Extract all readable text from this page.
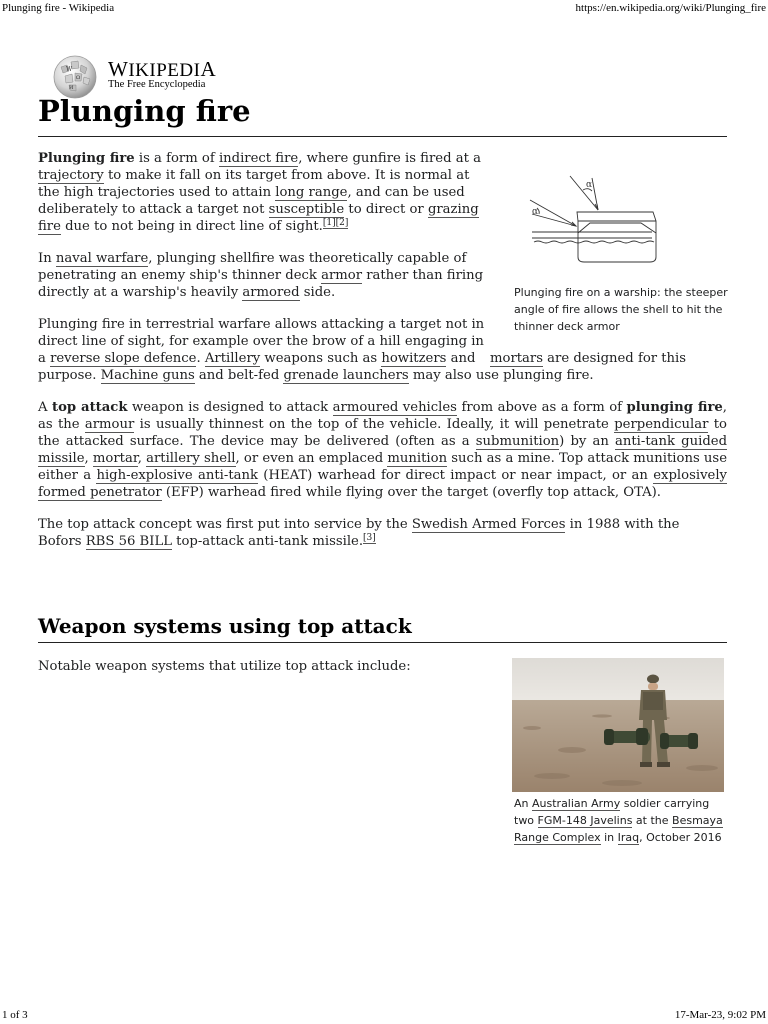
Plunging fire - Wikipedia	https://en.wikipedia.org/wiki/Plunging_fire
W
Ω
И
WIKIPEDIA
The Free Encyclopedia
Plunging fire
α
α
Plunging fire on a warship: the steeper angle of fire allows the shell to hit the thinner deck armor

Plunging fire is a form of indirect fire, where gunfire is fired at a trajectory to make it fall on its target from above. It is normal at the high trajectories used to attain long range, and can be used deliberately to attack a target not susceptible to direct or grazing fire due to not being in direct line of sight.[1][2]

In naval warfare, plunging shellfire was theoretically capable of penetrating an enemy ship's thinner deck armor rather than firing directly at a warship's heavily armored side.

Plunging fire in terrestrial warfare allows attacking a target not in direct line of sight, for example over the brow of a hill engaging in a reverse slope defence. Artillery weapons such as howitzers andmortars are designed for this purpose. Machine guns and belt-fed grenade launchers may also use plunging fire.

A top attack weapon is designed to attack armoured vehicles from above as a form of plunging fire, as the armour is usually thinnest on the top of the vehicle. Ideally, it will penetrate perpendicular to the attacked surface. The device may be delivered (often as a submunition) by an anti-tank guided missile, mortar, artillery shell, or even an emplaced munition such as a mine. Top attack munitions use either a high-explosive anti-tank (HEAT) warhead for direct impact or near impact, or an explosively formed penetrator (EFP) warhead fired while flying over the target (overfly top attack, OTA).

The top attack concept was first put into service by the Swedish Armed Forces in 1988 with the Bofors RBS 56 BILL top-attack anti-tank missile.[3]

Weapon systems using top attack
Notable weapon systems that utilize top attack include:
An Australian Army soldier carrying two FGM-148 Javelins at the Besmaya Range Complex in Iraq, October 2016
1 of 3	17-Mar-23, 9:02 PM
